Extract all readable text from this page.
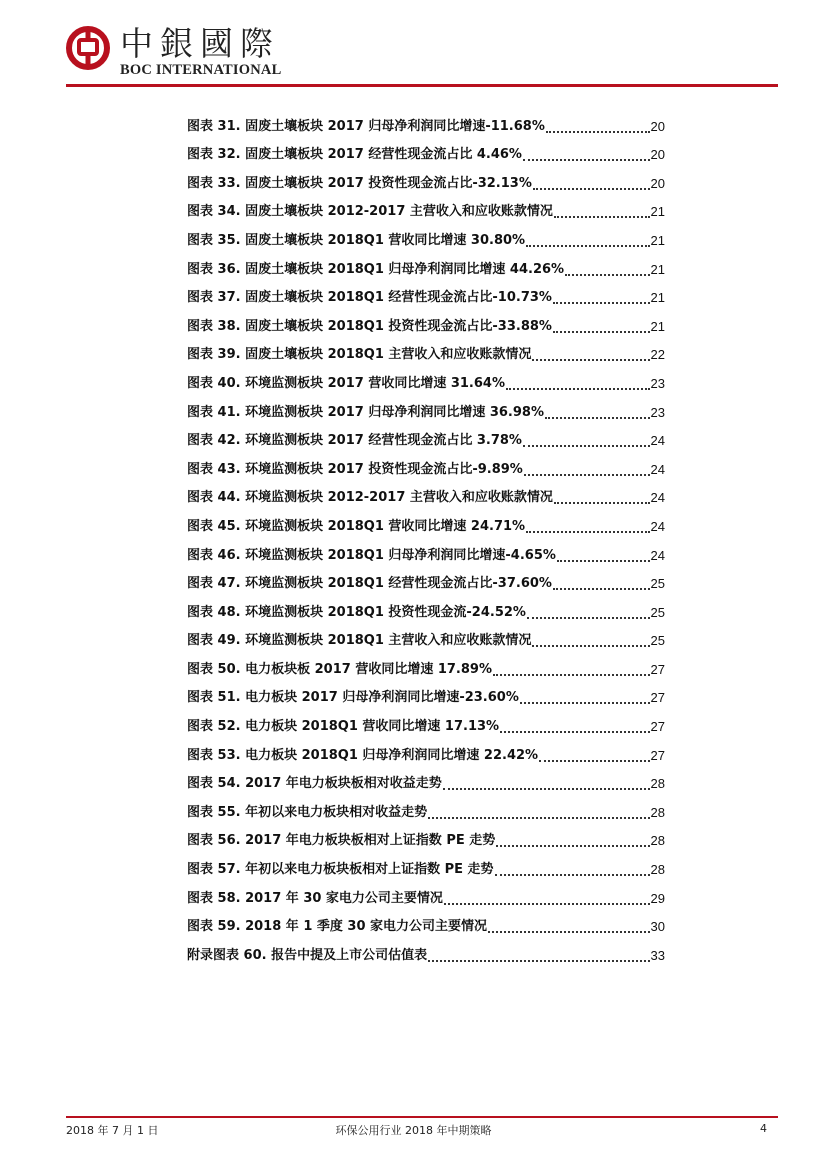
中銀國際
BOC INTERNATIONAL
图表 31. 固废土壤板块 2017 归母净利润同比增速-11.68%	20
图表 32. 固废土壤板块 2017 经营性现金流占比 4.46%	20
图表 33. 固废土壤板块 2017 投资性现金流占比-32.13%	20
图表 34. 固废土壤板块 2012-2017 主营收入和应收账款情况	21
图表 35. 固废土壤板块 2018Q1 营收同比增速 30.80%	21
图表 36. 固废土壤板块 2018Q1 归母净利润同比增速 44.26%	21
图表 37. 固废土壤板块 2018Q1 经营性现金流占比-10.73%	21
图表 38. 固废土壤板块 2018Q1 投资性现金流占比-33.88%	21
图表 39. 固废土壤板块 2018Q1 主营收入和应收账款情况	22
图表 40. 环境监测板块 2017 营收同比增速 31.64%	23
图表 41. 环境监测板块 2017 归母净利润同比增速 36.98%	23
图表 42. 环境监测板块 2017 经营性现金流占比 3.78%	24
图表 43. 环境监测板块 2017 投资性现金流占比-9.89%	24
图表 44. 环境监测板块 2012-2017 主营收入和应收账款情况	24
图表 45. 环境监测板块 2018Q1 营收同比增速 24.71%	24
图表 46. 环境监测板块 2018Q1 归母净利润同比增速-4.65%	24
图表 47. 环境监测板块 2018Q1 经营性现金流占比-37.60%	25
图表 48. 环境监测板块 2018Q1 投资性现金流-24.52%	25
图表 49. 环境监测板块 2018Q1 主营收入和应收账款情况	25
图表 50. 电力板块板 2017 营收同比增速 17.89%	27
图表 51. 电力板块 2017 归母净利润同比增速-23.60%	27
图表 52. 电力板块 2018Q1 营收同比增速 17.13%	27
图表 53. 电力板块 2018Q1 归母净利润同比增速 22.42%	27
图表 54. 2017 年电力板块板相对收益走势	28
图表 55. 年初以来电力板块相对收益走势	28
图表 56. 2017 年电力板块板相对上证指数 PE 走势	28
图表 57. 年初以来电力板块板相对上证指数 PE 走势	28
图表 58. 2017 年 30 家电力公司主要情况	29
图表 59. 2018 年 1 季度 30 家电力公司主要情况	30
附录图表 60. 报告中提及上市公司估值表	33
2018 年 7 月 1 日	环保公用行业 2018 年中期策略	4
